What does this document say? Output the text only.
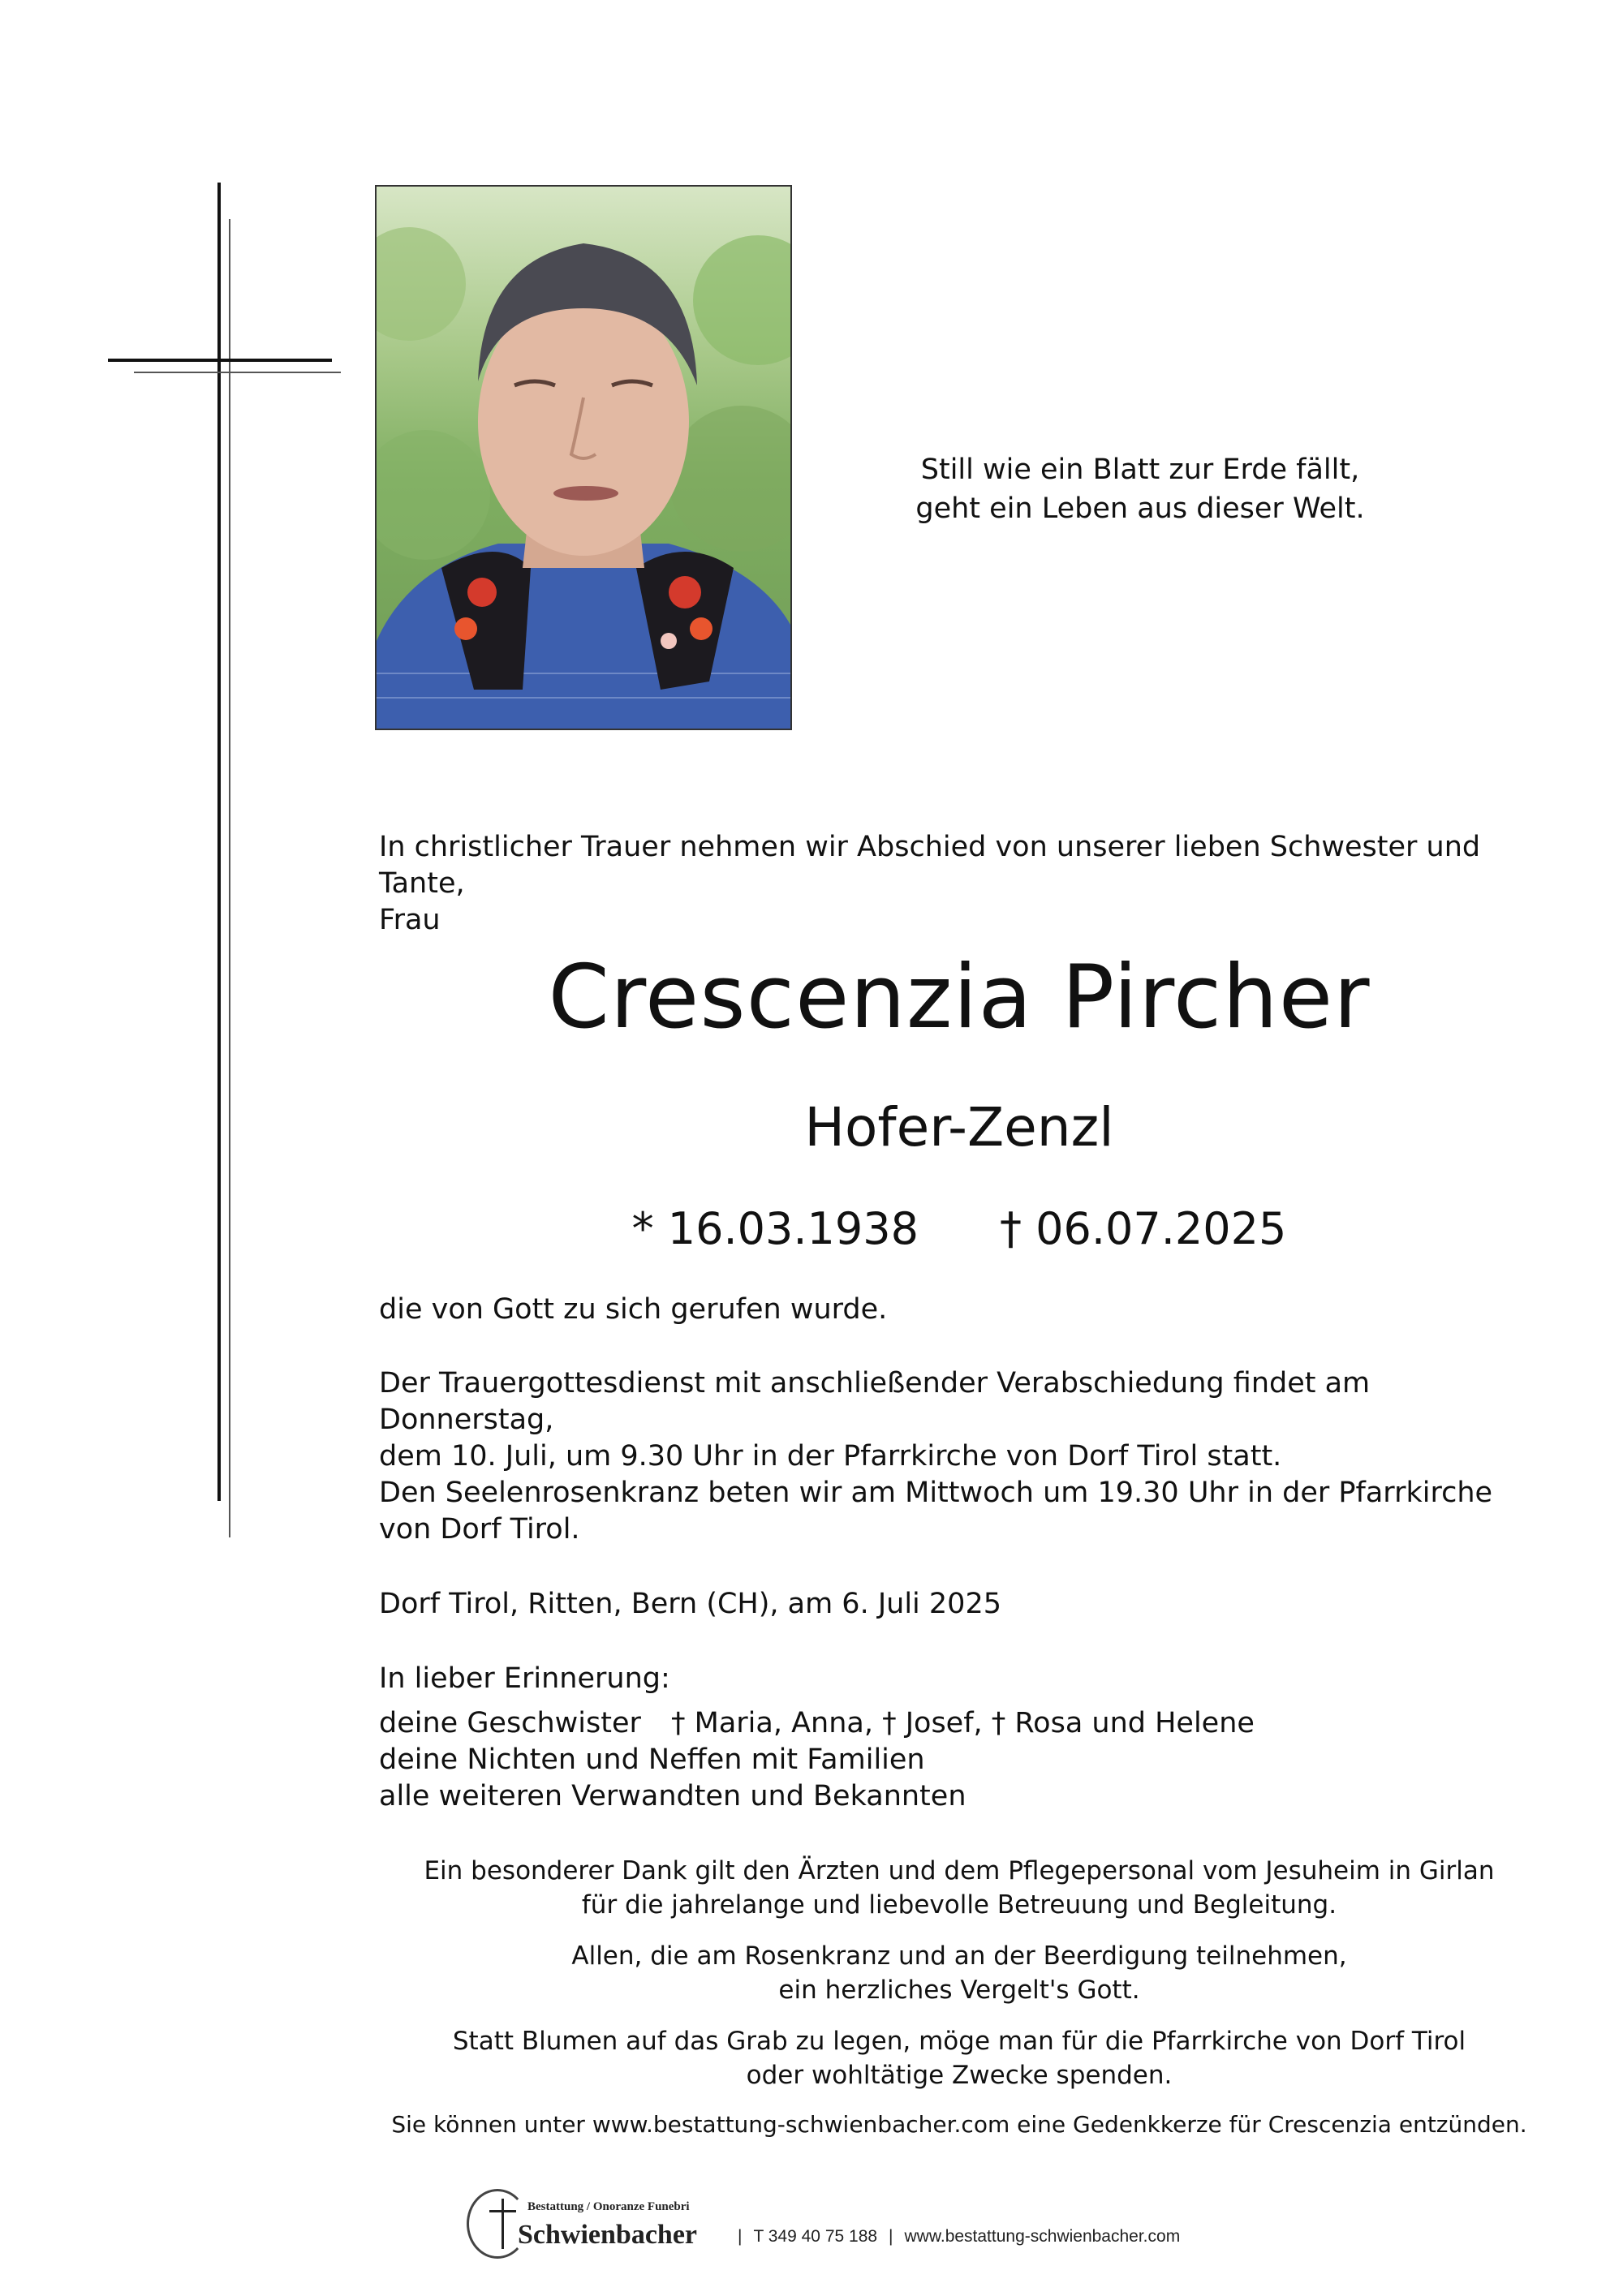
Still wie ein Blatt zur Erde fällt,
geht ein Leben aus dieser Welt.
In christlicher Trauer nehmen wir Abschied von unserer lieben Schwester und Tante,
Frau
Crescenzia Pircher
Hofer-Zenzl
* 16.03.1938 † 06.07.2025
die von Gott zu sich gerufen wurde.
Der Trauergottesdienst mit anschließender Verabschiedung findet am Donnerstag,
dem 10. Juli, um 9.30 Uhr in der Pfarrkirche von Dorf Tirol statt.
Den Seelenrosenkranz beten wir am Mittwoch um 19.30 Uhr in der Pfarrkirche
von Dorf Tirol.
Dorf Tirol, Ritten, Bern (CH), am 6. Juli 2025
In lieber Erinnerung:
deine Geschwister	† Maria, Anna, † Josef, † Rosa und Helene
deine Nichten und Neffen mit Familien
alle weiteren Verwandten und Bekannten
Ein besonderer Dank gilt den Ärzten und dem Pflegepersonal vom Jesuheim in Girlan
für die jahrelange und liebevolle Betreuung und Begleitung.
Allen, die am Rosenkranz und an der Beerdigung teilnehmen,
ein herzliches Vergelt's Gott.
Statt Blumen auf das Grab zu legen, möge man für die Pfarrkirche von Dorf Tirol
oder wohltätige Zwecke spenden.
Sie können unter www.bestattung-schwienbacher.com eine Gedenkkerze für Crescenzia entzünden.
Bestattung / Onoranze Funebri
Schwienbacher	| T 349 40 75 188 | www.bestattung-schwienbacher.com
